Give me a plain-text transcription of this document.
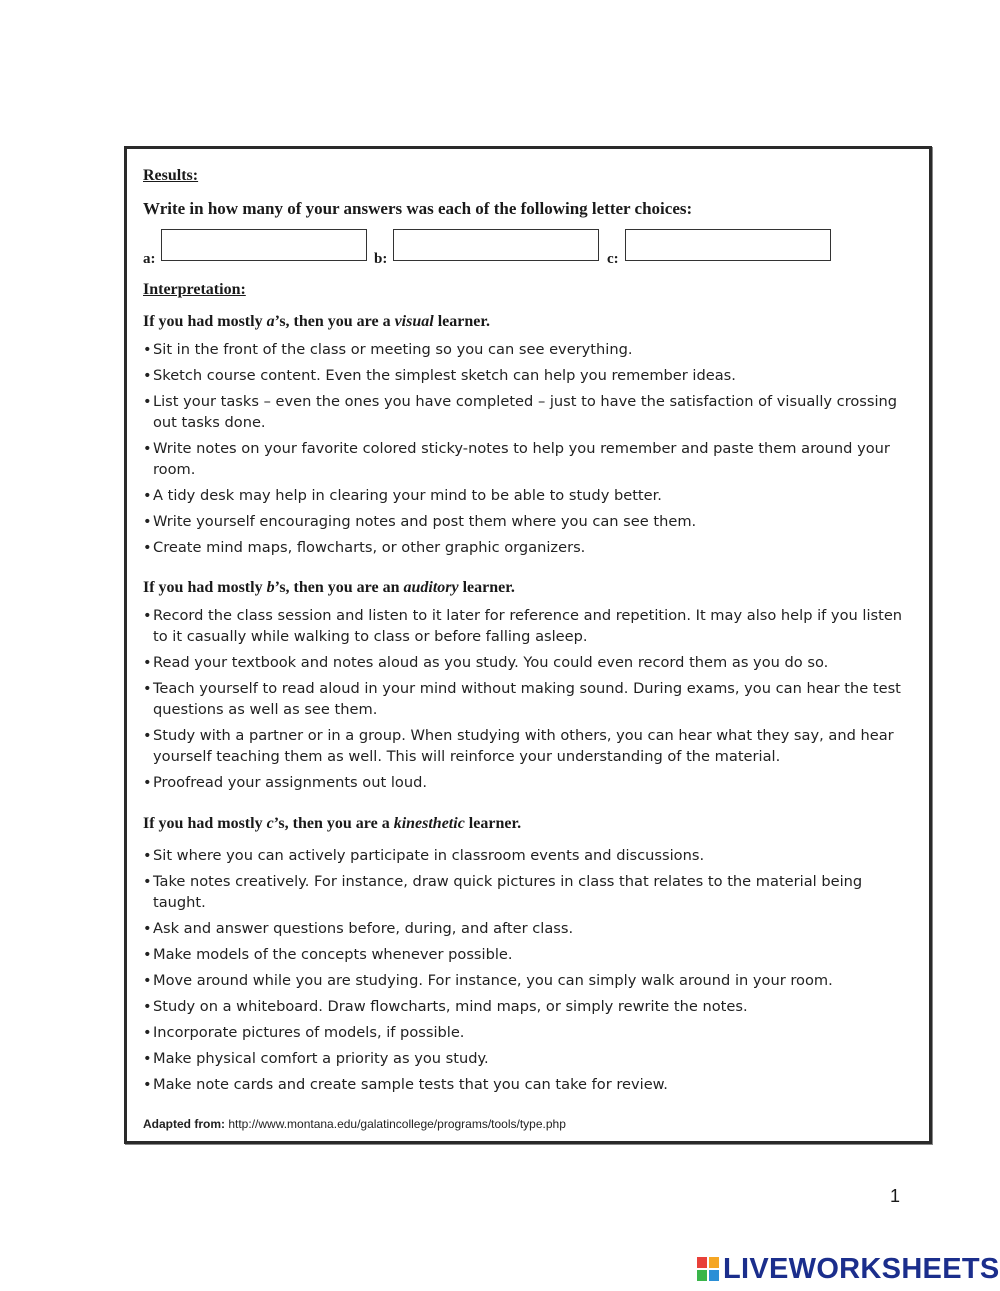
Results:
Write in how many of your answers was each of the following letter choices:
a:	b:	c:
Interpretation:
If you had mostly a’s, then you are a visual learner.
• Sit in the front of the class or meeting so you can see everything.
• Sketch course content. Even the simplest sketch can help you remember ideas.
• List your tasks – even the ones you have completed – just to have the satisfaction of visually crossing out tasks done.
• Write notes on your favorite colored sticky-notes to help you remember and paste them around your room.
• A tidy desk may help in clearing your mind to be able to study better.
• Write yourself encouraging notes and post them where you can see them.
• Create mind maps, flowcharts, or other graphic organizers.
If you had mostly b’s, then you are an auditory learner.
• Record the class session and listen to it later for reference and repetition. It may also help if you listen to it casually while walking to class or before falling asleep.
• Read your textbook and notes aloud as you study. You could even record them as you do so.
• Teach yourself to read aloud in your mind without making sound. During exams, you can hear the test questions as well as see them.
• Study with a partner or in a group. When studying with others, you can hear what they say, and hear yourself teaching them as well. This will reinforce your understanding of the material.
• Proofread your assignments out loud.
If you had mostly c’s, then you are a kinesthetic learner.
• Sit where you can actively participate in classroom events and discussions.
• Take notes creatively. For instance, draw quick pictures in class that relates to the material being taught.
• Ask and answer questions before, during, and after class.
• Make models of the concepts whenever possible.
• Move around while you are studying. For instance, you can simply walk around in your room.
• Study on a whiteboard. Draw flowcharts, mind maps, or simply rewrite the notes.
• Incorporate pictures of models, if possible.
• Make physical comfort a priority as you study.
• Make note cards and create sample tests that you can take for review.
Adapted from: http://www.montana.edu/galatincollege/programs/tools/type.php
1
LIVEWORKSHEETS
